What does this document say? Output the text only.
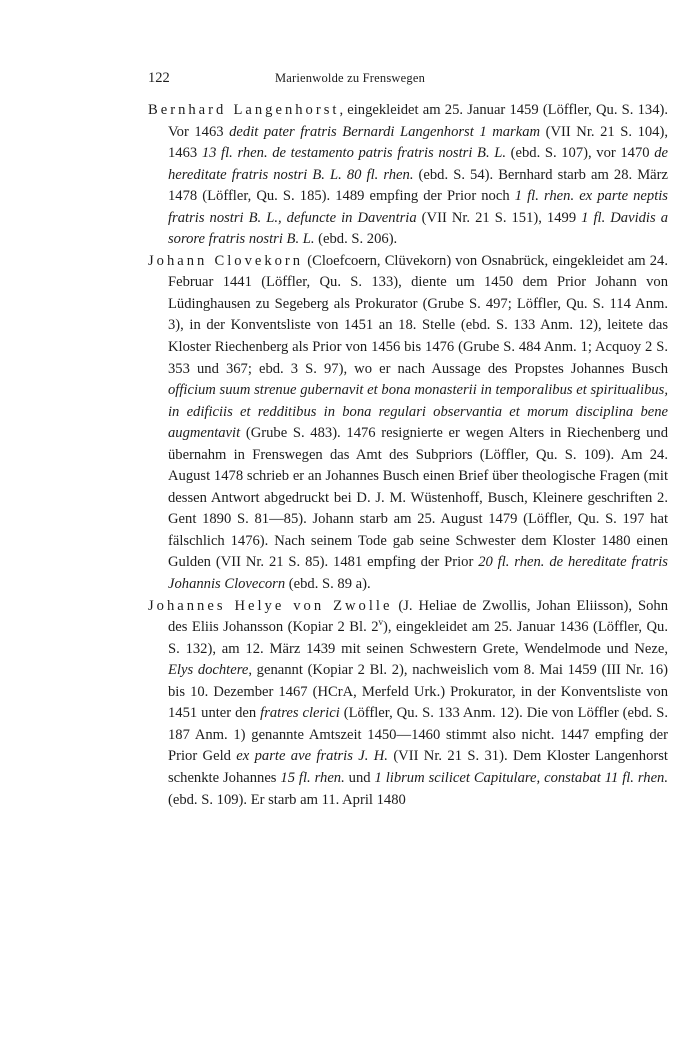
122	Marienwolde zu Frenswegen

Bernhard Langenhorst, eingekleidet am 25. Januar 1459 (Löffler, Qu. S. 134). Vor 1463 dedit pater fratris Bernardi Langenhorst 1 markam (VII Nr. 21 S. 104), 1463 13 fl. rhen. de testamento patris fratris nostri B. L. (ebd. S. 107), vor 1470 de hereditate fratris nostri B. L. 80 fl. rhen. (ebd. S. 54). Bernhard starb am 28. März 1478 (Löffler, Qu. S. 185). 1489 empfing der Prior noch 1 fl. rhen. ex parte neptis fratris nostri B. L., defuncte in Daventria (VII Nr. 21 S. 151), 1499 1 fl. Davidis a sorore fratris nostri B. L. (ebd. S. 206).

Johann Clovekorn (Cloefcoern, Clüvekorn) von Osnabrück, eingekleidet am 24. Februar 1441 (Löffler, Qu. S. 133), diente um 1450 dem Prior Johann von Lüdinghausen zu Segeberg als Prokurator (Grube S. 497; Löffler, Qu. S. 114 Anm. 3), in der Konventsliste von 1451 an 18. Stelle (ebd. S. 133 Anm. 12), leitete das Kloster Riechenberg als Prior von 1456 bis 1476 (Grube S. 484 Anm. 1; Acquoy 2 S. 353 und 367; ebd. 3 S. 97), wo er nach Aussage des Propstes Johannes Busch officium suum strenue gubernavit et bona monasterii in temporalibus et spiritualibus, in edificiis et redditibus in bona regulari observantia et morum disciplina bene augmentavit (Grube S. 483). 1476 resignierte er wegen Alters in Riechenberg und übernahm in Frenswegen das Amt des Subpriors (Löffler, Qu. S. 109). Am 24. August 1478 schrieb er an Johannes Busch einen Brief über theologische Fragen (mit dessen Antwort abgedruckt bei D. J. M. Wüstenhoff, Busch, Kleinere geschriften 2. Gent 1890 S. 81—85). Johann starb am 25. August 1479 (Löffler, Qu. S. 197 hat fälschlich 1476). Nach seinem Tode gab seine Schwester dem Kloster 1480 einen Gulden (VII Nr. 21 S. 85). 1481 empfing der Prior 20 fl. rhen. de hereditate fratris Johannis Clovecorn (ebd. S. 89 a).

Johannes Helye von Zwolle (J. Heliae de Zwollis, Johan Eliisson), Sohn des Eliis Johansson (Kopiar 2 Bl. 2$^v$), eingekleidet am 25. Januar 1436 (Löffler, Qu. S. 132), am 12. März 1439 mit seinen Schwestern Grete, Wendelmode und Neze, Elys dochtere, genannt (Kopiar 2 Bl. 2), nachweislich vom 8. Mai 1459 (III Nr. 16) bis 10. Dezember 1467 (HCrA, Merfeld Urk.) Prokurator, in der Konventsliste von 1451 unter den fratres clerici (Löffler, Qu. S. 133 Anm. 12). Die von Löffler (ebd. S. 187 Anm. 1) genannte Amtszeit 1450—1460 stimmt also nicht. 1447 empfing der Prior Geld ex parte ave fratris J. H. (VII Nr. 21 S. 31). Dem Kloster Langenhorst schenkte Johannes 15 fl. rhen. und 1 librum scilicet Capitulare, constabat 11 fl. rhen. (ebd. S. 109). Er starb am 11. April 1480
